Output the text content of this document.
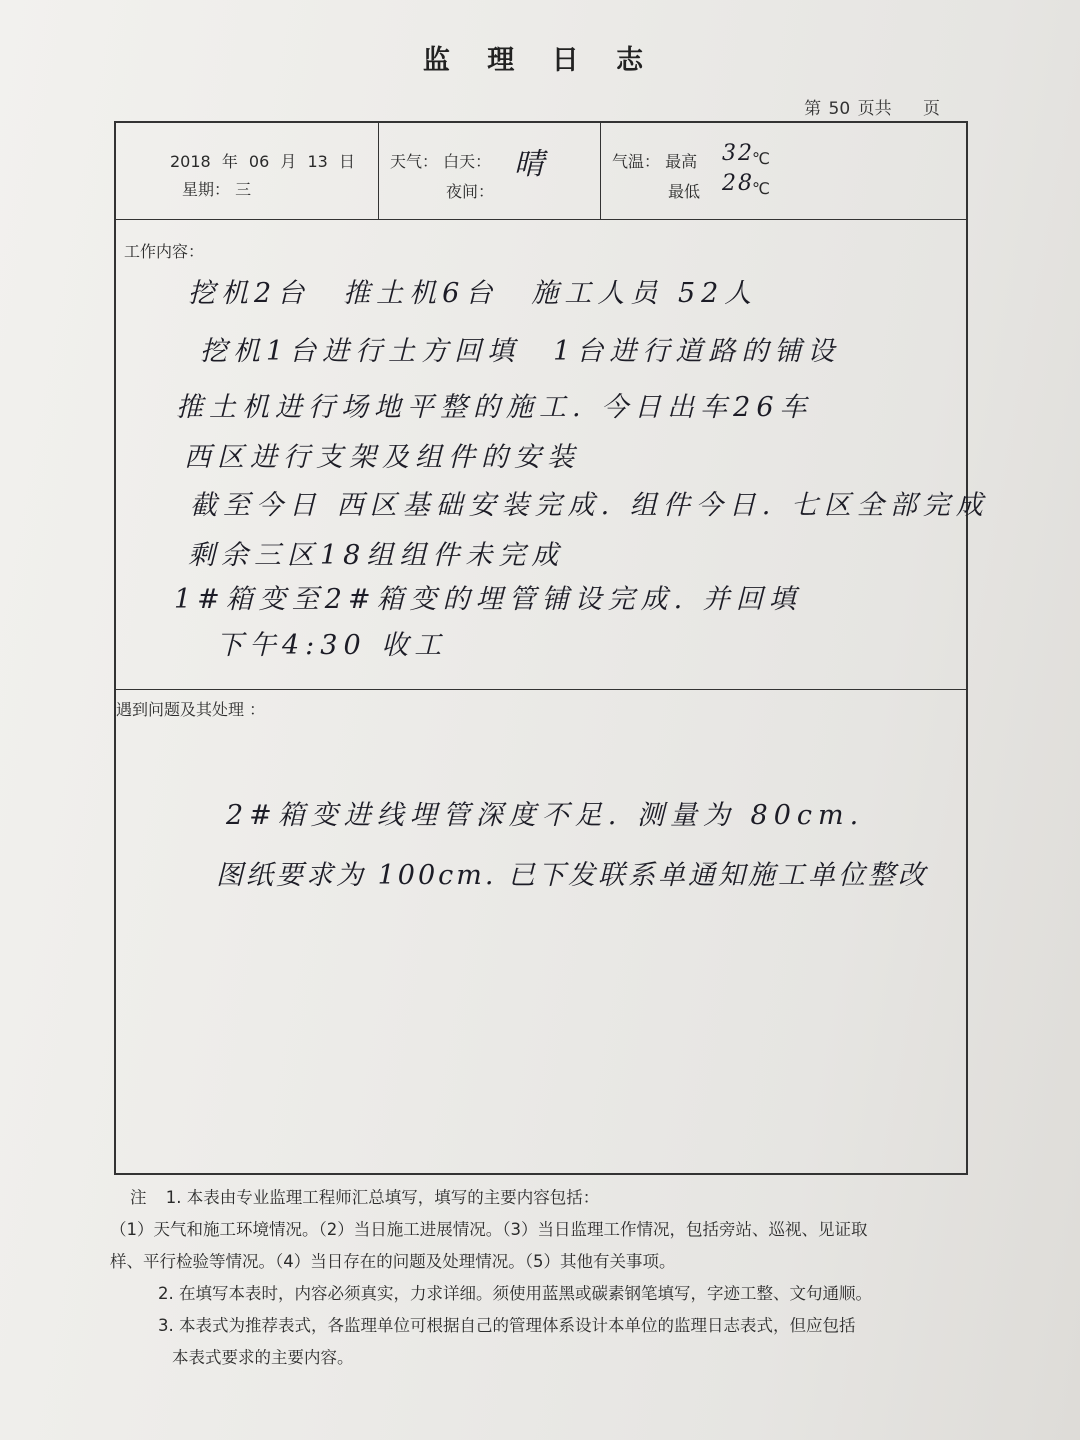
监 理 日 志
第 50 页共 页
2018 年 06 月 13 日
星期： 三
天气： 白天： 晴
夜间：
气温： 最高 32
℃
最低 28
℃
工作内容：
挖机2台　推土机6台　施工人员 52人
挖机1台进行土方回填　1台进行道路的铺设
推土机进行场地平整的施工. 今日出车26车
西区进行支架及组件的安装
截至今日 西区基础安装完成. 组件今日. 七区全部完成
剩余三区18组组件未完成
1#箱变至2#箱变的埋管铺设完成. 并回填
下午4:30 收工
遇到问题及其处理 ：
2#箱变进线埋管深度不足. 测量为 80cm.
图纸要求为 100cm. 已下发联系单通知施工单位整改
注 1. 本表由专业监理工程师汇总填写，填写的主要内容包括：
（1）天气和施工环境情况。（2）当日施工进展情况。（3）当日监理工作情况，包括旁站、巡视、见证取
样、平行检验等情况。（4）当日存在的问题及处理情况。（5）其他有关事项。
2. 在填写本表时，内容必须真实，力求详细。须使用蓝黑或碳素钢笔填写，字迹工整、文句通顺。
3. 本表式为推荐表式，各监理单位可根据自己的管理体系设计本单位的监理日志表式，但应包括
本表式要求的主要内容。
